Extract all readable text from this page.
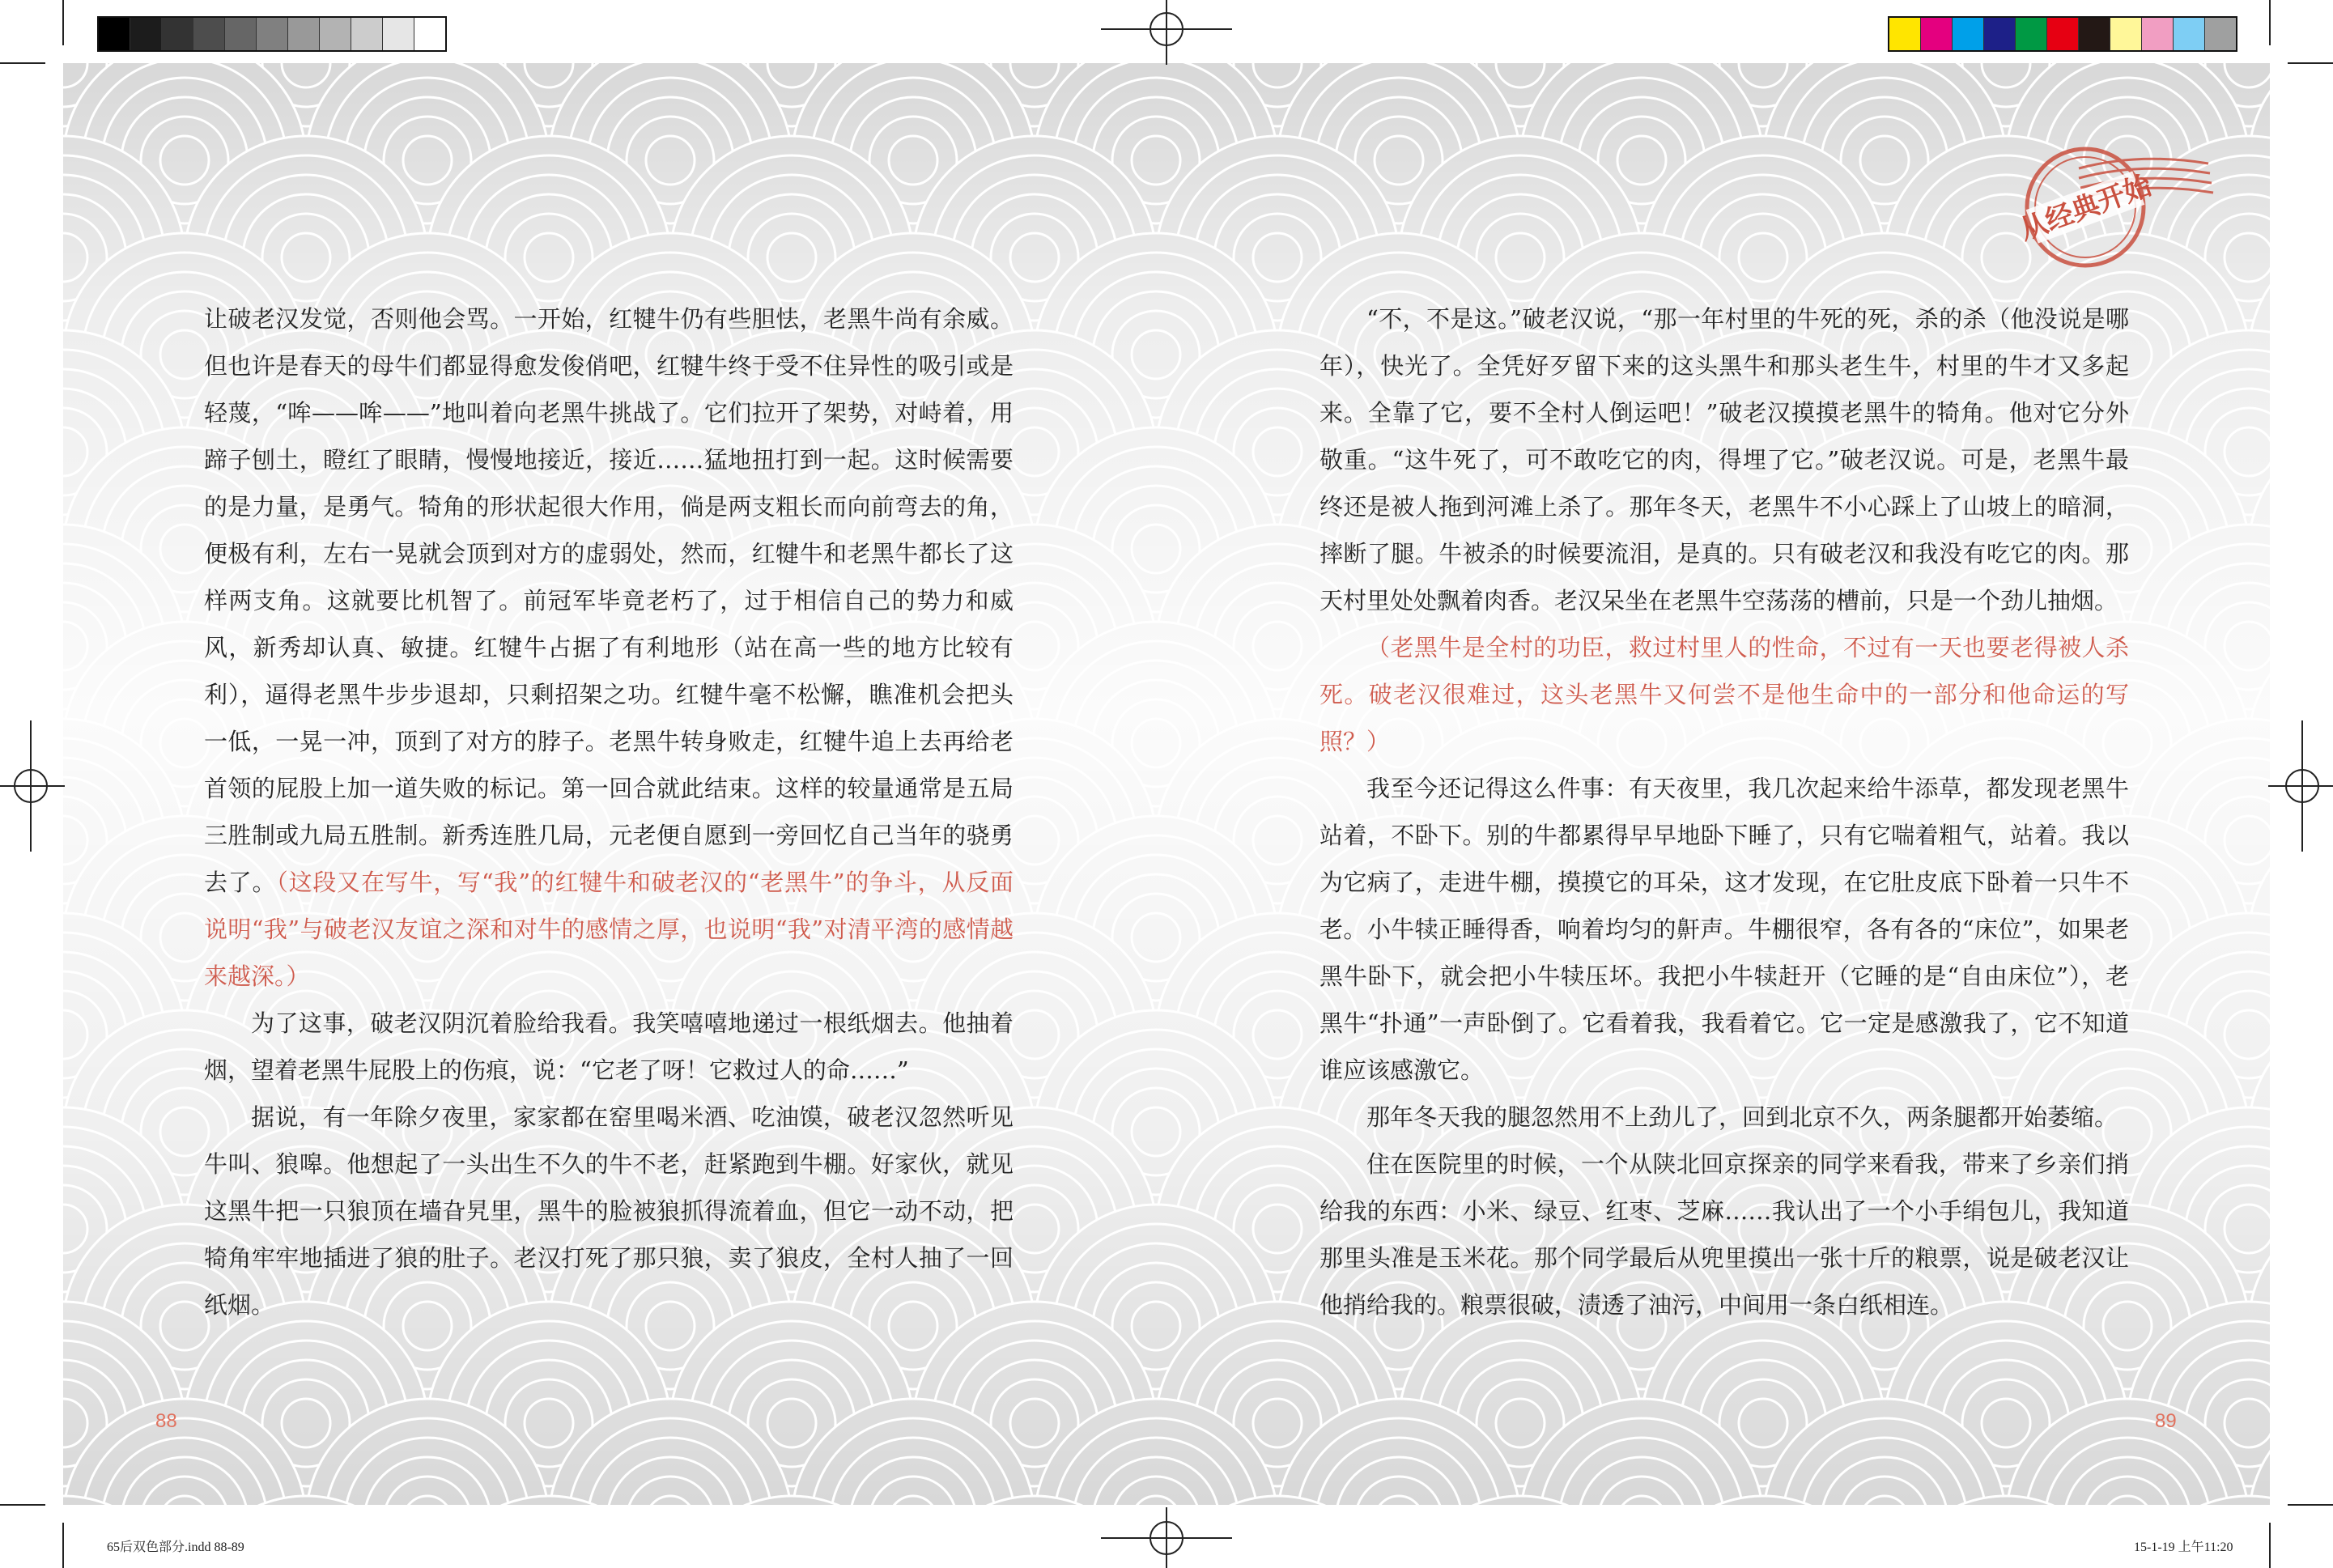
从经典开始

让破老汉发觉，否则他会骂。一开始，红犍牛仍有些胆怯，老黑牛尚有余威。但也许是春天的母牛们都显得愈发俊俏吧，红犍牛终于受不住异性的吸引或是轻蔑，“哞——哞——”地叫着向老黑牛挑战了。它们拉开了架势，对峙着，用蹄子刨土，瞪红了眼睛，慢慢地接近，接近……猛地扭打到一起。这时候需要的是力量，是勇气。犄角的形状起很大作用，倘是两支粗长而向前弯去的角，便极有利，左右一晃就会顶到对方的虚弱处，然而，红犍牛和老黑牛都长了这样两支角。这就要比机智了。前冠军毕竟老朽了，过于相信自己的势力和威风，新秀却认真、敏捷。红犍牛占据了有利地形（站在高一些的地方比较有利），逼得老黑牛步步退却，只剩招架之功。红犍牛毫不松懈，瞧准机会把头一低，一晃一冲，顶到了对方的脖子。老黑牛转身败走，红犍牛追上去再给老首领的屁股上加一道失败的标记。第一回合就此结束。这样的较量通常是五局三胜制或九局五胜制。新秀连胜几局，元老便自愿到一旁回忆自己当年的骁勇去了。（这段又在写牛，写“我”的红犍牛和破老汉的“老黑牛”的争斗，从反面说明“我”与破老汉友谊之深和对牛的感情之厚，也说明“我”对清平湾的感情越来越深。）

为了这事，破老汉阴沉着脸给我看。我笑嘻嘻地递过一根纸烟去。他抽着烟，望着老黑牛屁股上的伤痕，说：“它老了呀！它救过人的命……”

据说，有一年除夕夜里，家家都在窑里喝米酒、吃油馍，破老汉忽然听见牛叫、狼嗥。他想起了一头出生不久的牛不老，赶紧跑到牛棚。好家伙，就见这黑牛把一只狼顶在墙旮旯里，黑牛的脸被狼抓得流着血，但它一动不动，把犄角牢牢地插进了狼的肚子。老汉打死了那只狼，卖了狼皮，全村人抽了一回纸烟。

“不，不是这。”破老汉说，“那一年村里的牛死的死，杀的杀（他没说是哪年），快光了。全凭好歹留下来的这头黑牛和那头老生牛，村里的牛才又多起来。全靠了它，要不全村人倒运吧！”破老汉摸摸老黑牛的犄角。他对它分外敬重。“这牛死了，可不敢吃它的肉，得埋了它。”破老汉说。可是，老黑牛最终还是被人拖到河滩上杀了。那年冬天，老黑牛不小心踩上了山坡上的暗洞，摔断了腿。牛被杀的时候要流泪，是真的。只有破老汉和我没有吃它的肉。那天村里处处飘着肉香。老汉呆坐在老黑牛空荡荡的槽前，只是一个劲儿抽烟。

（老黑牛是全村的功臣，救过村里人的性命，不过有一天也要老得被人杀死。破老汉很难过，这头老黑牛又何尝不是他生命中的一部分和他命运的写照？）

我至今还记得这么件事：有天夜里，我几次起来给牛添草，都发现老黑牛站着，不卧下。别的牛都累得早早地卧下睡了，只有它喘着粗气，站着。我以为它病了，走进牛棚，摸摸它的耳朵，这才发现，在它肚皮底下卧着一只牛不老。小牛犊正睡得香，响着均匀的鼾声。牛棚很窄，各有各的“床位”，如果老黑牛卧下，就会把小牛犊压坏。我把小牛犊赶开（它睡的是“自由床位”），老黑牛“扑通”一声卧倒了。它看着我，我看着它。它一定是感激我了，它不知道谁应该感激它。

那年冬天我的腿忽然用不上劲儿了，回到北京不久，两条腿都开始萎缩。

住在医院里的时候，一个从陕北回京探亲的同学来看我，带来了乡亲们捎给我的东西：小米、绿豆、红枣、芝麻……我认出了一个小手绢包儿，我知道那里头准是玉米花。那个同学最后从兜里摸出一张十斤的粮票，说是破老汉让他捎给我的。粮票很破，渍透了油污，中间用一条白纸相连。

88	89
65后双色部分.indd 88-89	15-1-19 上午11:20
